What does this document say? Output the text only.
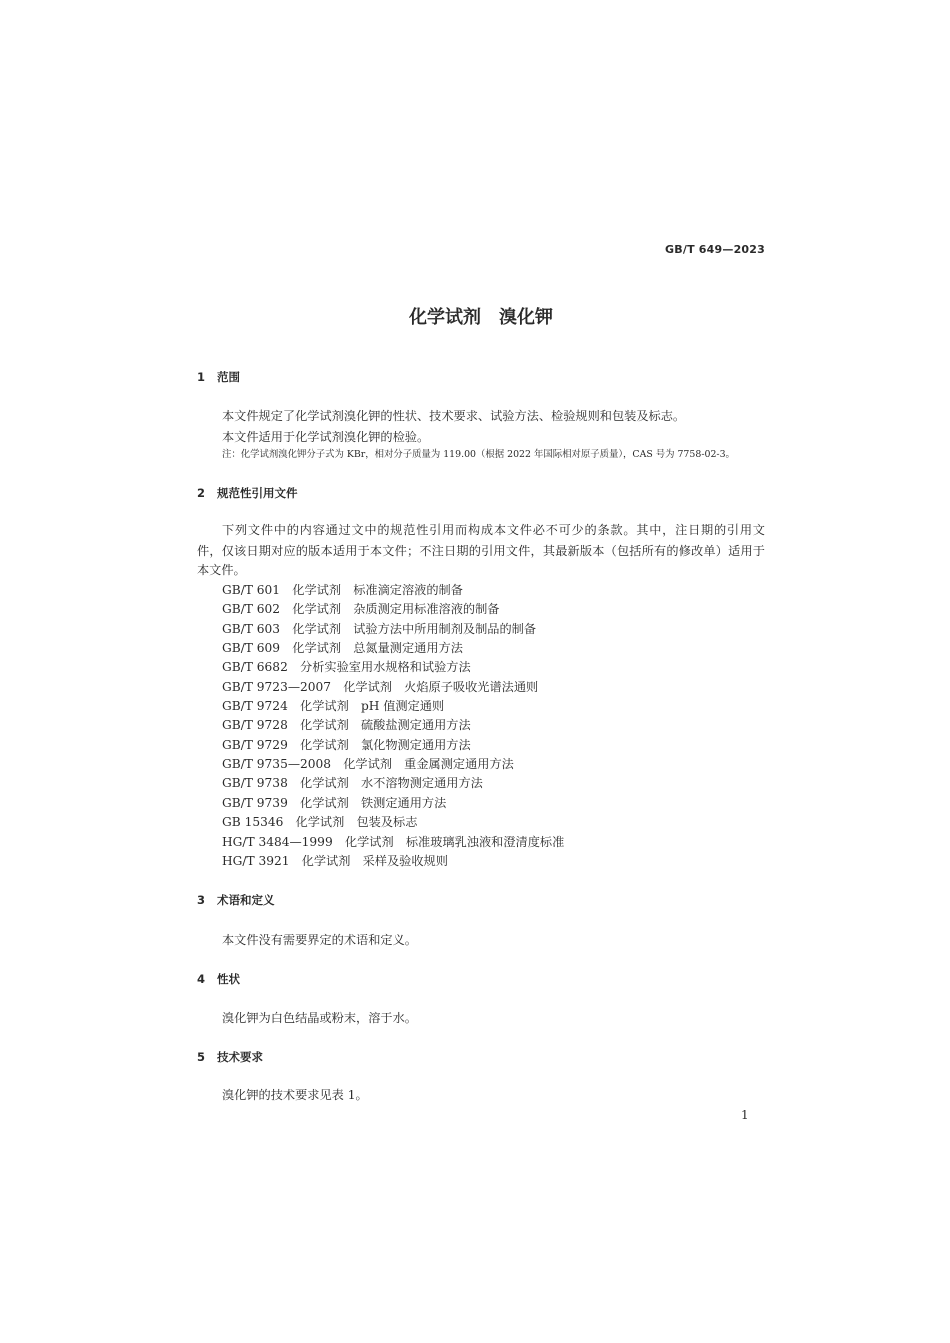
GB/T 649—2023
化学试剂　溴化钾
1 范围
本文件规定了化学试剂溴化钾的性状、技术要求、试验方法、检验规则和包装及标志。
本文件适用于化学试剂溴化钾的检验。
注：化学试剂溴化钾分子式为 KBr，相对分子质量为 119.00（根据 2022 年国际相对原子质量），CAS 号为 7758-02-3。
2 规范性引用文件
下列文件中的内容通过文中的规范性引用而构成本文件必不可少的条款。其中，注日期的引用文
件，仅该日期对应的版本适用于本文件；不注日期的引用文件，其最新版本（包括所有的修改单）适用于
本文件。
GB/T 601　化学试剂　标准滴定溶液的制备
GB/T 602　化学试剂　杂质测定用标准溶液的制备
GB/T 603　化学试剂　试验方法中所用制剂及制品的制备
GB/T 609　化学试剂　总氮量测定通用方法
GB/T 6682　分析实验室用水规格和试验方法
GB/T 9723—2007　化学试剂　火焰原子吸收光谱法通则
GB/T 9724　化学试剂　pH 值测定通则
GB/T 9728　化学试剂　硫酸盐测定通用方法
GB/T 9729　化学试剂　氯化物测定通用方法
GB/T 9735—2008　化学试剂　重金属测定通用方法
GB/T 9738　化学试剂　水不溶物测定通用方法
GB/T 9739　化学试剂　铁测定通用方法
GB 15346　化学试剂　包装及标志
HG/T 3484—1999　化学试剂　标准玻璃乳浊液和澄清度标准
HG/T 3921　化学试剂　采样及验收规则
3 术语和定义
本文件没有需要界定的术语和定义。
4 性状
溴化钾为白色结晶或粉末，溶于水。
5 技术要求
溴化钾的技术要求见表 1。
1
